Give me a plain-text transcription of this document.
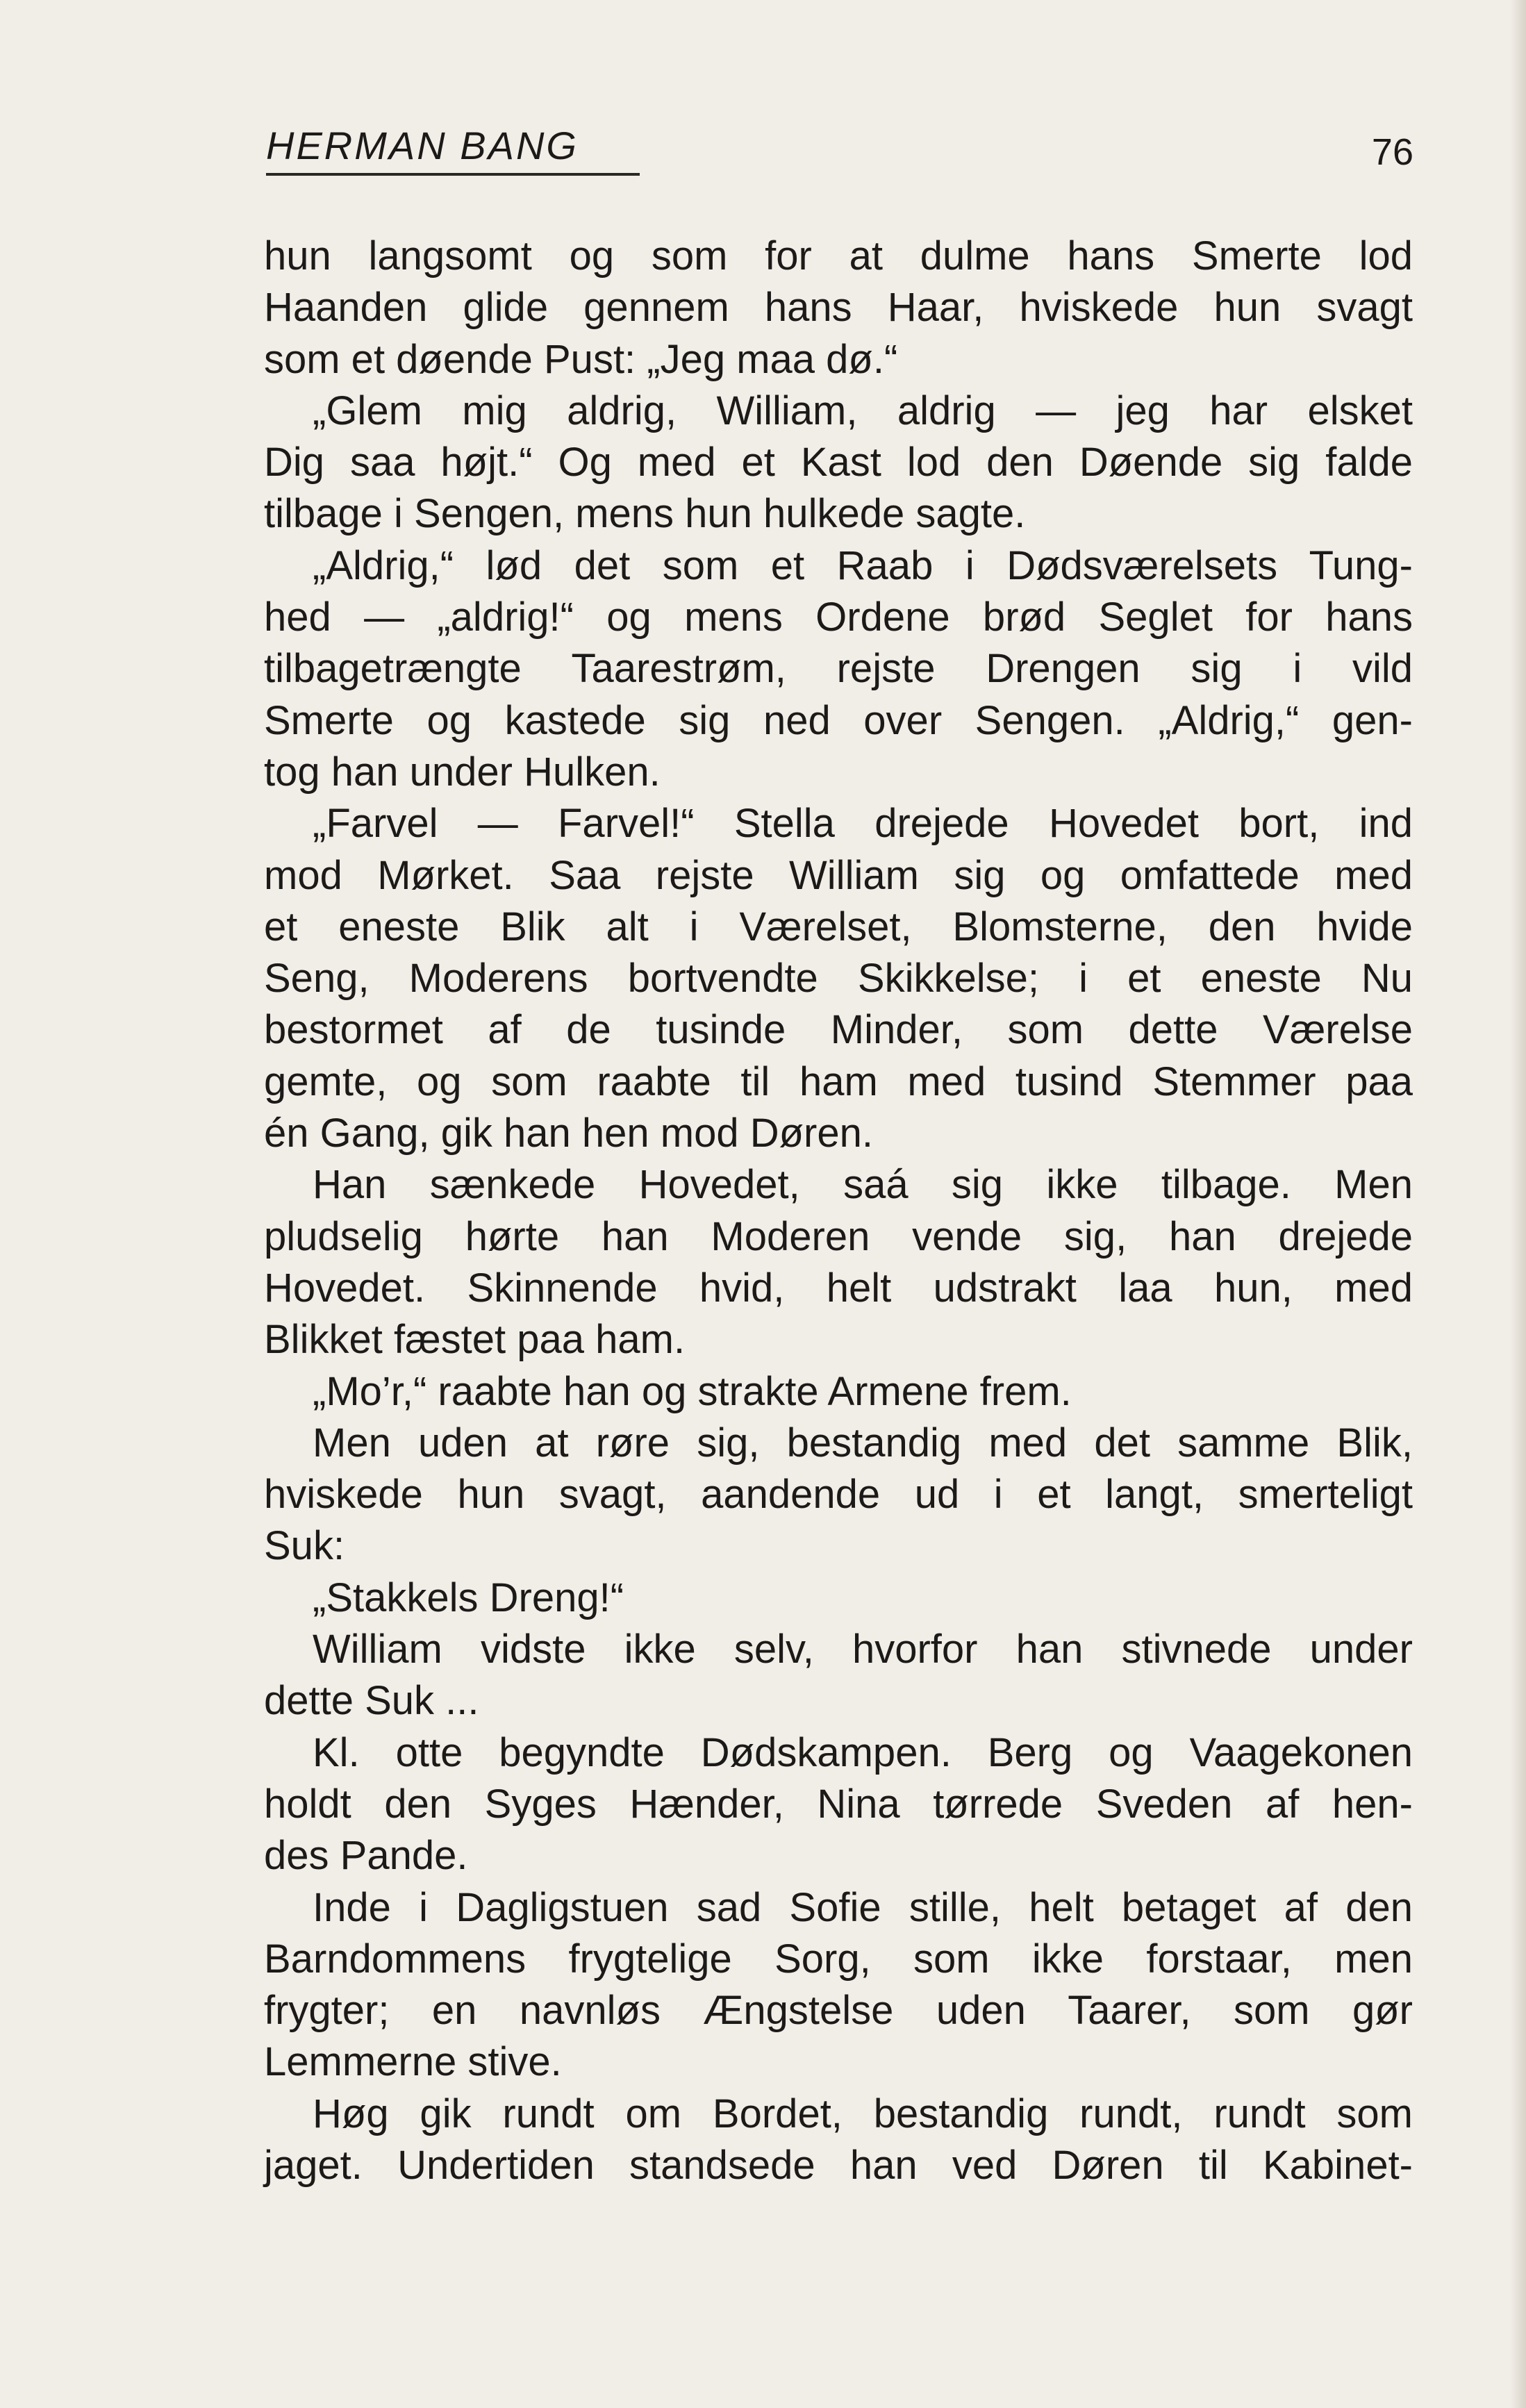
HERMAN BANG	76
hun langsomt og som for at dulme hans Smerte lod
Haanden glide gennem hans Haar, hviskede hun svagt
som et døende Pust: „Jeg maa dø.“
„Glem mig aldrig, William, aldrig — jeg har elsket
Dig saa højt.“ Og med et Kast lod den Døende sig falde
tilbage i Sengen, mens hun hulkede sagte.
„Aldrig,“ lød det som et Raab i Dødsværelsets Tung-
hed — „aldrig!“ og mens Ordene brød Seglet for hans
tilbagetrængte Taarestrøm, rejste Drengen sig i vild
Smerte og kastede sig ned over Sengen. „Aldrig,“ gen-
tog han under Hulken.
„Farvel — Farvel!“ Stella drejede Hovedet bort, ind
mod Mørket. Saa rejste William sig og omfattede med
et eneste Blik alt i Værelset, Blomsterne, den hvide
Seng, Moderens bortvendte Skikkelse; i et eneste Nu
bestormet af de tusinde Minder, som dette Værelse
gemte, og som raabte til ham med tusind Stemmer paa
én Gang, gik han hen mod Døren.
Han sænkede Hovedet, saá sig ikke tilbage. Men
pludselig hørte han Moderen vende sig, han drejede
Hovedet. Skinnende hvid, helt udstrakt laa hun, med
Blikket fæstet paa ham.
„Mo’r,“ raabte han og strakte Armene frem.
Men uden at røre sig, bestandig med det samme Blik,
hviskede hun svagt, aandende ud i et langt, smerteligt
Suk:
„Stakkels Dreng!“
William vidste ikke selv, hvorfor han stivnede under
dette Suk ...
Kl. otte begyndte Dødskampen. Berg og Vaagekonen
holdt den Syges Hænder, Nina tørrede Sveden af hen-
des Pande.
Inde i Dagligstuen sad Sofie stille, helt betaget af den
Barndommens frygtelige Sorg, som ikke forstaar, men
frygter; en navnløs Ængstelse uden Taarer, som gør
Lemmerne stive.
Høg gik rundt om Bordet, bestandig rundt, rundt som
jaget. Undertiden standsede han ved Døren til Kabinet-
